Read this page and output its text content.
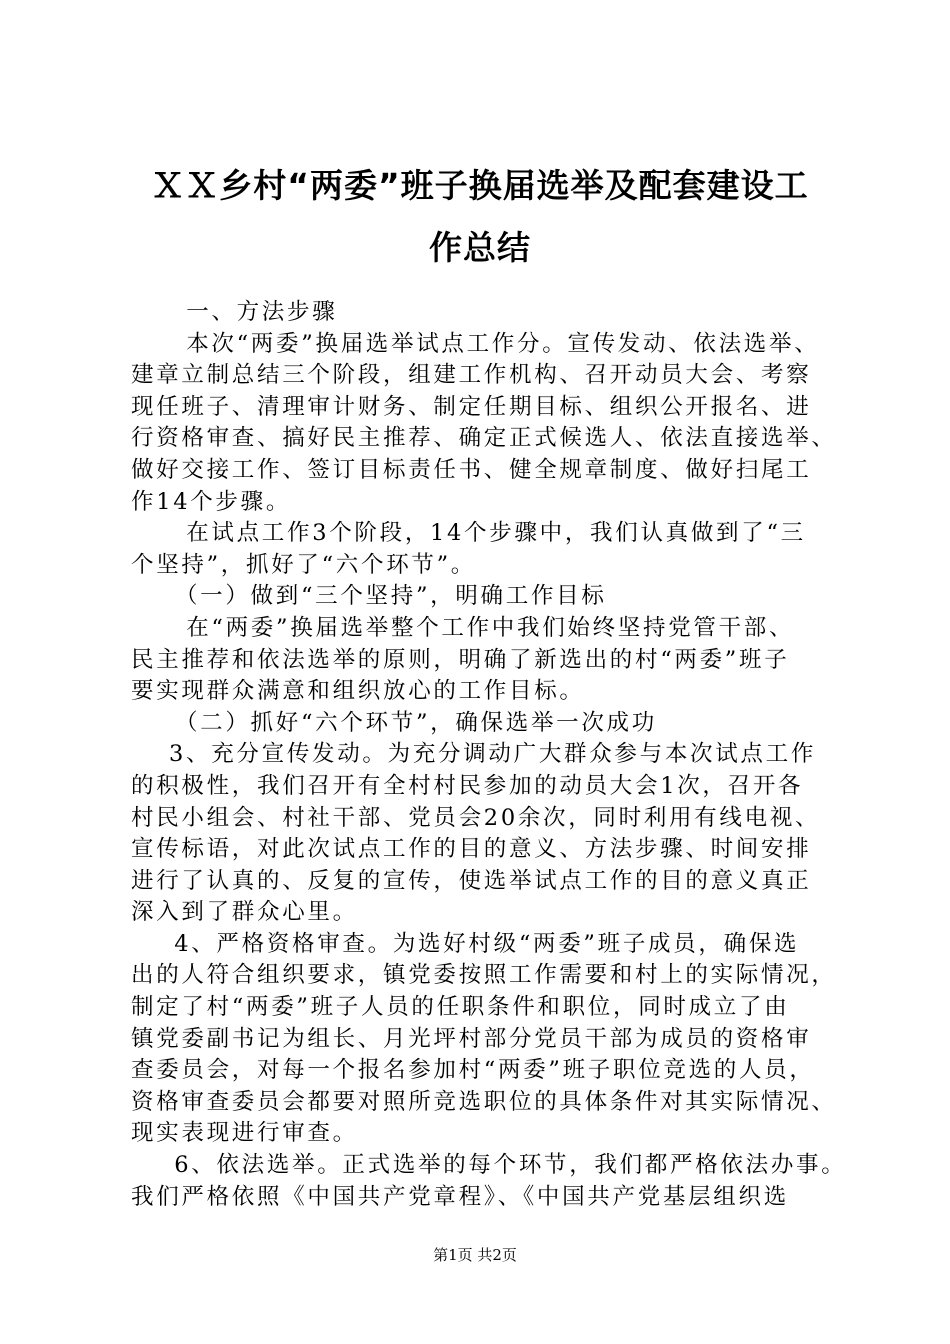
ＸＸ乡村“两委”班子换届选举及配套建设工
作总结

　一、方法步骤

　本次“两委”换届选举试点工作分。宣传发动、依法选举、

建章立制总结三个阶段，组建工作机构、召开动员大会、考察

现任班子、清理审计财务、制定任期目标、组织公开报名、进

行资格审查、搞好民主推荐、确定正式候选人、依法直接选举、

做好交接工作、签订目标责任书、健全规章制度、做好扫尾工

作14个步骤。

　在试点工作3个阶段，14个步骤中，我们认真做到了“三

个坚持”，抓好了“六个环节”。

　（一）做到“三个坚持”，明确工作目标

　在“两委”换届选举整个工作中我们始终坚持党管干部、

民主推荐和依法选举的原则，明确了新选出的村“两委”班子

要实现群众满意和组织放心的工作目标。

　（二）抓好“六个环节”，确保选举一次成功

3、充分宣传发动。为充分调动广大群众参与本次试点工作

的积极性，我们召开有全村村民参加的动员大会1次，召开各

村民小组会、村社干部、党员会20余次，同时利用有线电视、

宣传标语，对此次试点工作的目的意义、方法步骤、时间安排

进行了认真的、反复的宣传，使选举试点工作的目的意义真正

深入到了群众心里。

　4、严格资格审查。为选好村级“两委”班子成员，确保选

出的人符合组织要求，镇党委按照工作需要和村上的实际情况，

制定了村“两委”班子人员的任职条件和职位，同时成立了由

镇党委副书记为组长、月光坪村部分党员干部为成员的资格审

查委员会，对每一个报名参加村“两委”班子职位竞选的人员，

资格审查委员会都要对照所竞选职位的具体条件对其实际情况、

现实表现进行审查。

　6、依法选举。正式选举的每个环节，我们都严格依法办事。

我们严格依照《中国共产党章程》、《中国共产党基层组织选

第1页 共2页
